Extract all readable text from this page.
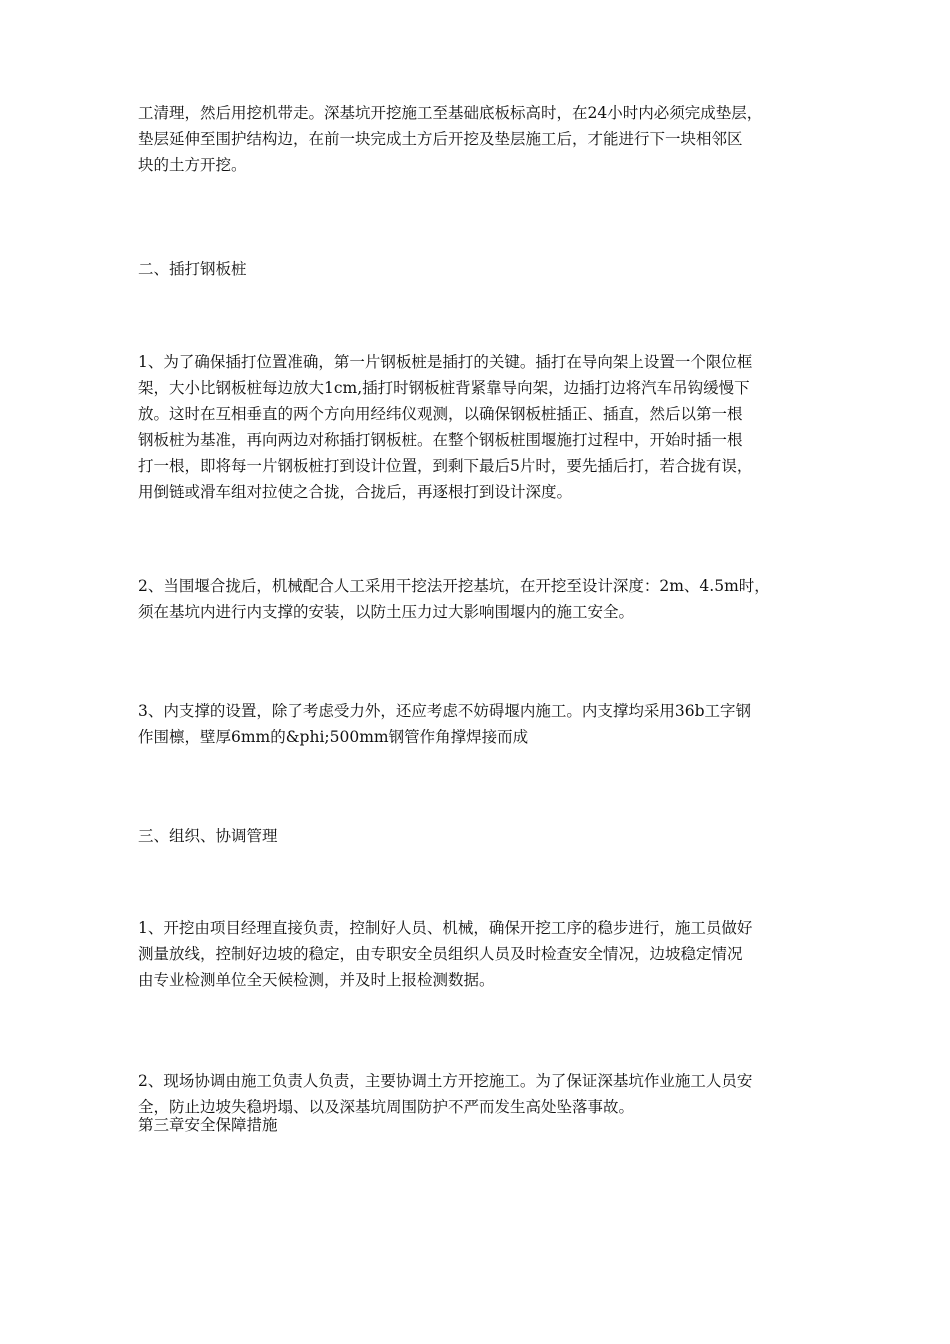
工清理，然后用挖机带走。深基坑开挖施工至基础底板标高时，在24小时内必须完成垫层，
垫层延伸至围护结构边，在前一块完成土方后开挖及垫层施工后，才能进行下一块相邻区
块的土方开挖。
二、插打钢板桩
1、为了确保插打位置准确，第一片钢板桩是插打的关键。插打在导向架上设置一个限位框
架，大小比钢板桩每边放大1cm,插打时钢板桩背紧靠导向架，边插打边将汽车吊钩缓慢下
放。这时在互相垂直的两个方向用经纬仪观测，以确保钢板桩插正、插直，然后以第一根
钢板桩为基准，再向两边对称插打钢板桩。在整个钢板桩围堰施打过程中，开始时插一根
打一根，即将每一片钢板桩打到设计位置，到剩下最后5片时，要先插后打，若合拢有误，
用倒链或滑车组对拉使之合拢，合拢后，再逐根打到设计深度。
2、当围堰合拢后，机械配合人工采用干挖法开挖基坑，在开挖至设计深度：2m、4.5m时，
须在基坑内进行内支撑的安装，以防土压力过大影响围堰内的施工安全。
3、内支撑的设置，除了考虑受力外，还应考虑不妨碍堰内施工。内支撑均采用36b工字钢
作围檩，壁厚6mm的&phi;500mm钢管作角撑焊接而成
三、组织、协调管理
1、开挖由项目经理直接负责，控制好人员、机械，确保开挖工序的稳步进行，施工员做好
测量放线，控制好边坡的稳定，由专职安全员组织人员及时检查安全情况，边坡稳定情况
由专业检测单位全天候检测，并及时上报检测数据。
2、现场协调由施工负责人负责，主要协调土方开挖施工。为了保证深基坑作业施工人员安
全，防止边坡失稳坍塌、以及深基坑周围防护不严而发生高处坠落事故。
第三章安全保障措施
